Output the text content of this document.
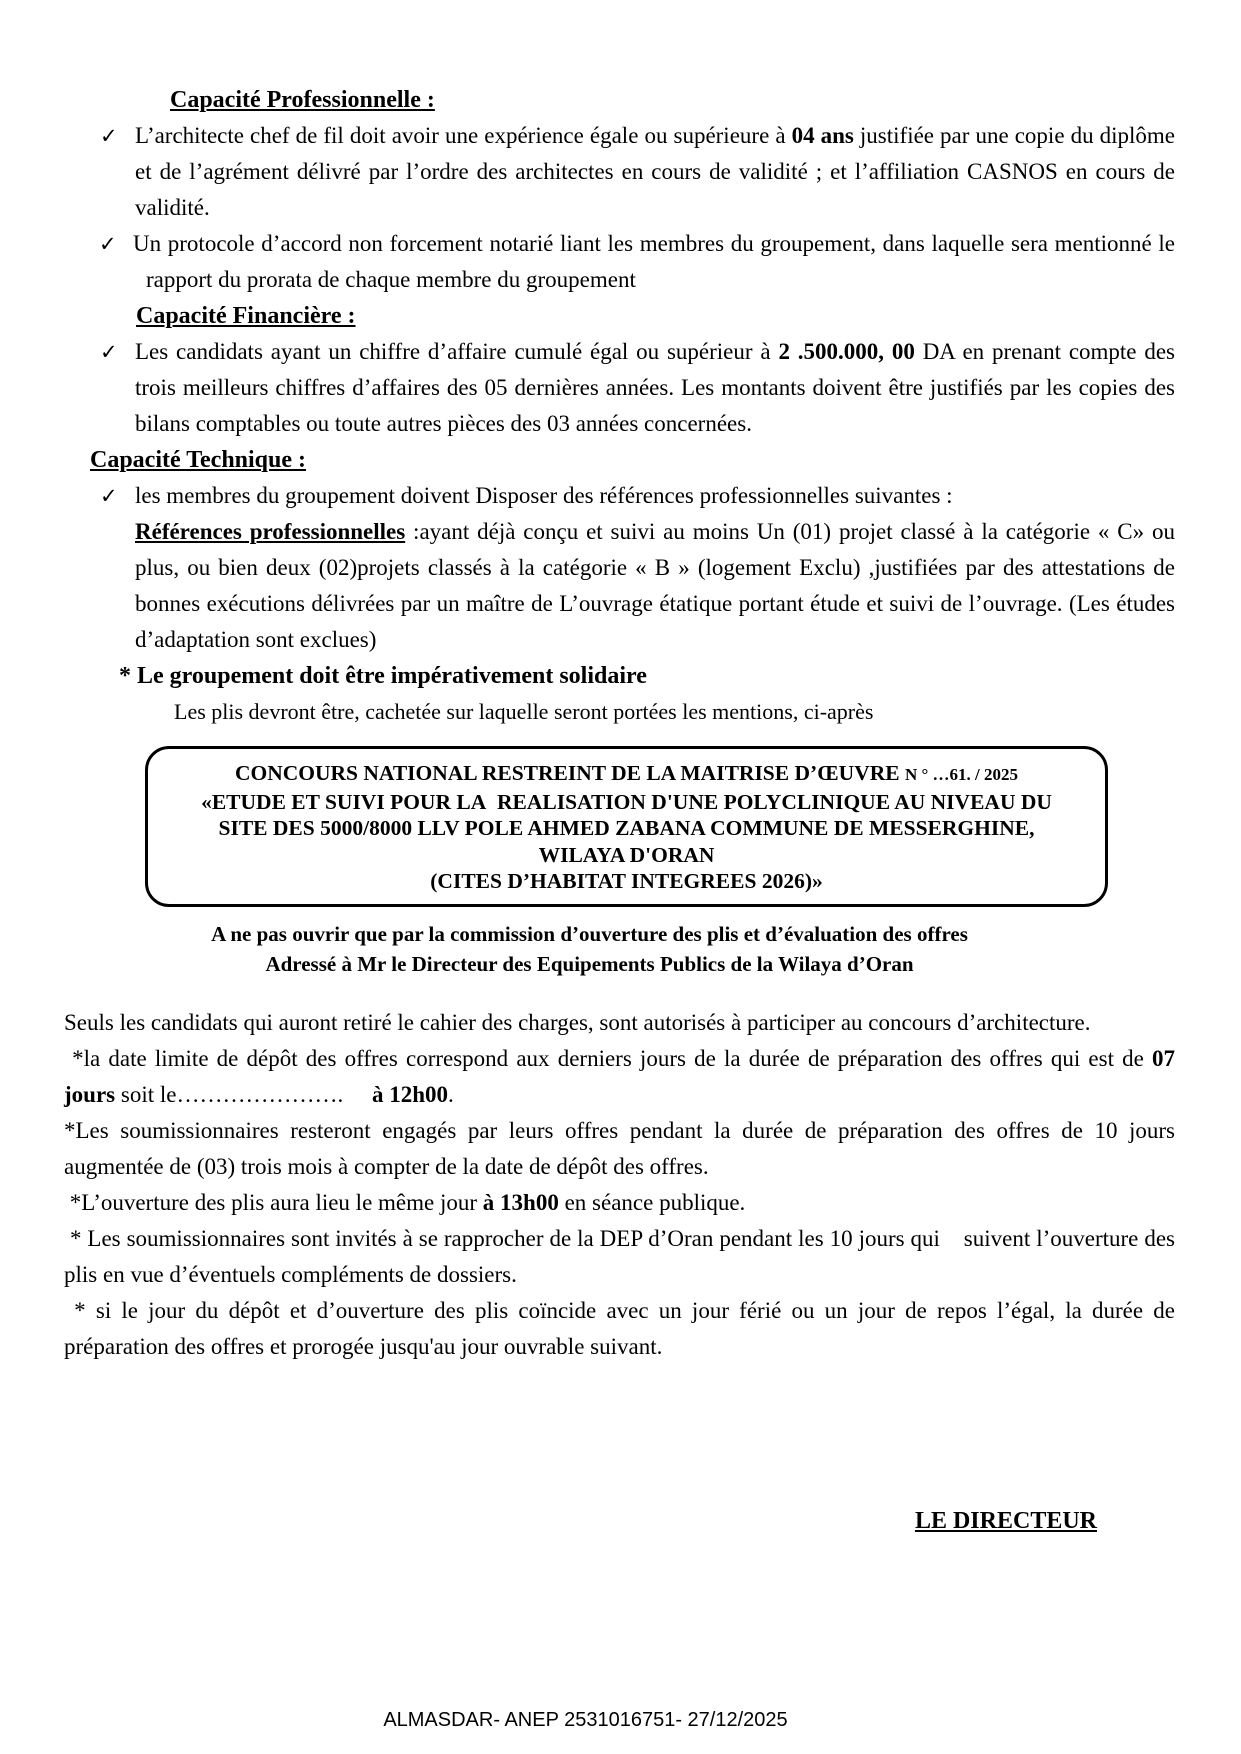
Capacité Professionnelle :
✓ L’architecte chef de fil doit avoir une expérience égale ou supérieure à 04 ans justifiée par une copie du diplôme et de l’agrément délivré par l’ordre des architectes en cours de validité ; et l’affiliation CASNOS en cours de validité.
✓ Un protocole d’accord non forcement notarié liant les membres du groupement, dans laquelle sera mentionné le rapport du prorata de chaque membre du groupement
Capacité Financière :
✓ Les candidats ayant un chiffre d’affaire cumulé égal ou supérieur à 2 .500.000, 00 DA en prenant compte des trois meilleurs chiffres d’affaires des 05 dernières années. Les montants doivent être justifiés par les copies des bilans comptables ou toute autres pièces des 03 années concernées.
Capacité Technique :
✓ les membres du groupement doivent Disposer des références professionnelles suivantes :
Références professionnelles :ayant déjà conçu et suivi au moins Un (01) projet classé à la catégorie « C» ou plus, ou bien deux (02)projets classés à la catégorie « B » (logement Exclu) ,justifiées par des attestations de bonnes exécutions délivrées par un maître de L’ouvrage étatique portant étude et suivi de l’ouvrage. (Les études d’adaptation sont exclues)
* Le groupement doit être impérativement solidaire
Les plis devront être, cachetée sur laquelle seront portées les mentions, ci-après
CONCOURS NATIONAL RESTREINT DE LA MAITRISE D’ŒUVRE N ° …61. / 2025
«ETUDE ET SUIVI POUR LA  REALISATION D'UNE POLYCLINIQUE AU NIVEAU DU
SITE DES 5000/8000 LLV POLE AHMED ZABANA COMMUNE DE MESSERGHINE,
WILAYA D'ORAN
(CITES D’HABITAT INTEGREES 2026)»
A ne pas ouvrir que par la commission d’ouverture des plis et d’évaluation des offres
Adressé à Mr le Directeur des Equipements Publics de la Wilaya d’Oran
Seuls les candidats qui auront retiré le cahier des charges, sont autorisés à participer au concours d’architecture.
*la date limite de dépôt des offres correspond aux derniers jours de la durée de préparation des offres qui est de 07 jours soit le………………….     à 12h00.
*Les soumissionnaires resteront engagés par leurs offres pendant la durée de préparation des offres de 10 jours augmentée de (03) trois mois à compter de la date de dépôt des offres.
*L’ouverture des plis aura lieu le même jour à 13h00 en séance publique.
* Les soumissionnaires sont invités à se rapprocher de la DEP d’Oran pendant les 10 jours qui    suivent l’ouverture des plis en vue d’éventuels compléments de dossiers.
* si le jour du dépôt et d’ouverture des plis coïncide avec un jour férié ou un jour de repos l’égal, la durée de préparation des offres et prorogée jusqu'au jour ouvrable suivant.
LE DIRECTEUR
ALMASDAR- ANEP 2531016751- 27/12/2025
